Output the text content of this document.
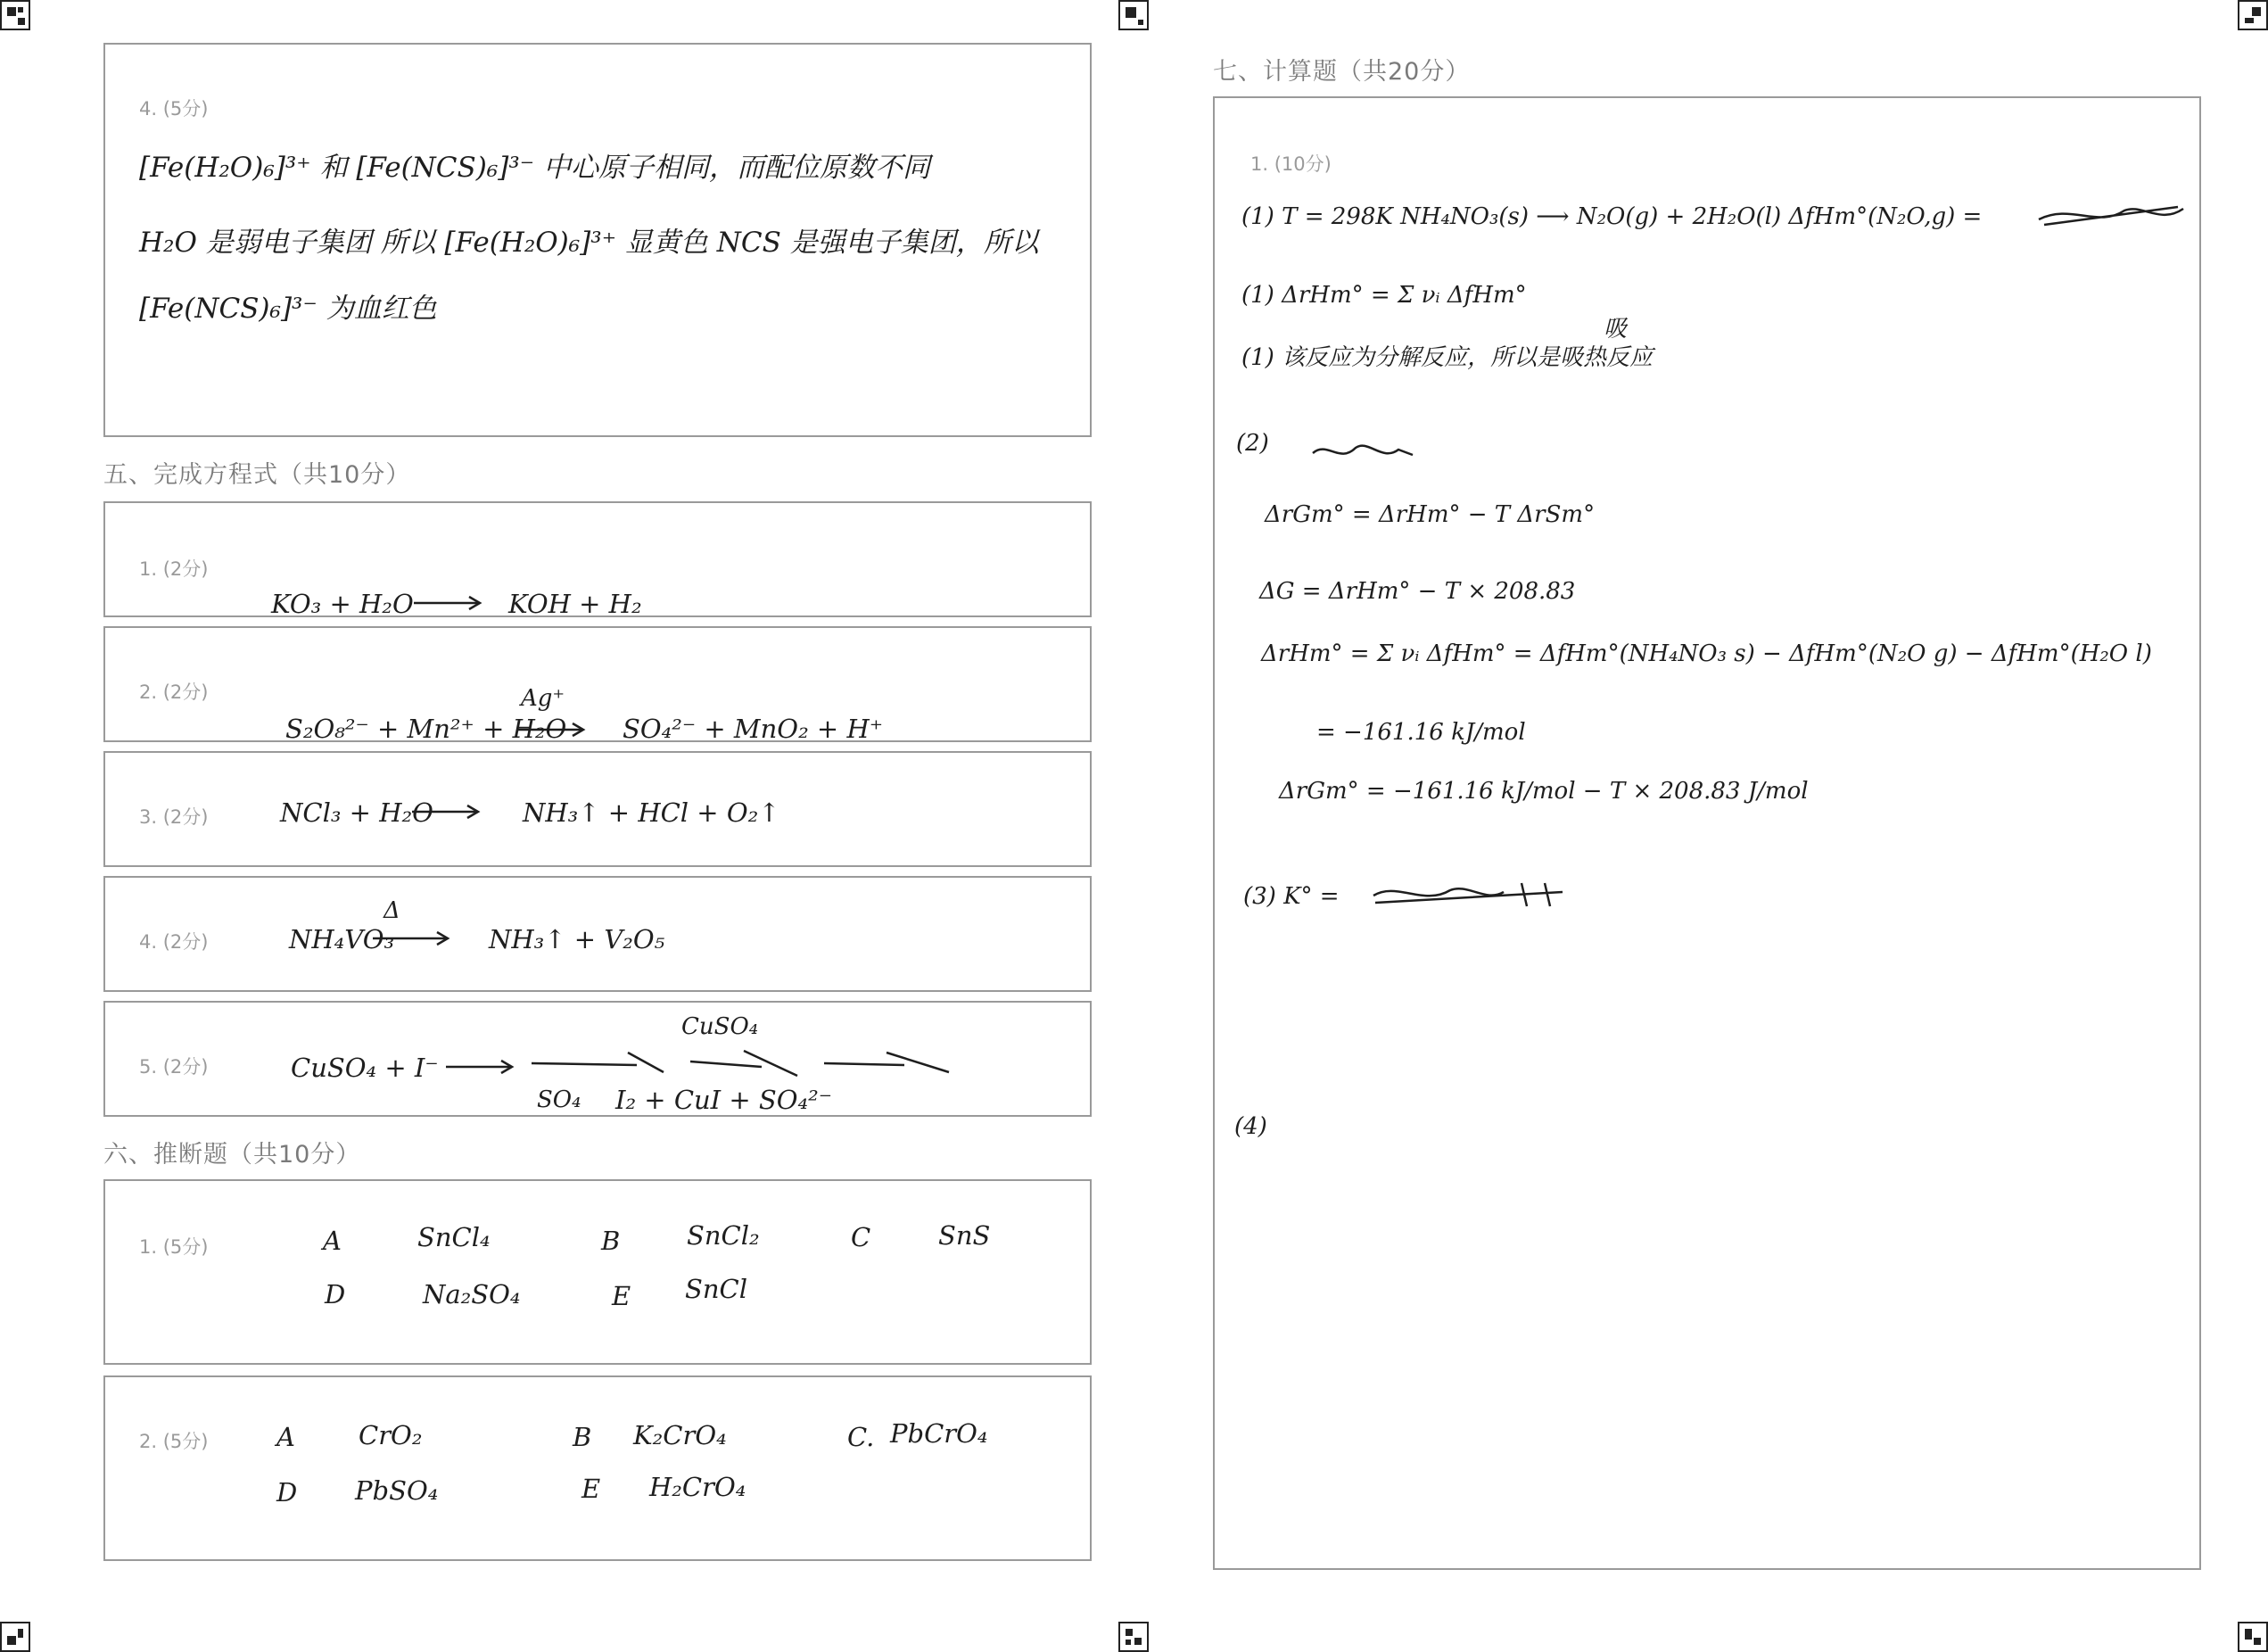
4. (5分)
[Fe(H₂O)₆]³⁺ 和 [Fe(NCS)₆]³⁻ 中心原子相同，而配位原数不同
H₂O 是弱电子集团 所以 [Fe(H₂O)₆]³⁺ 显黄色 NCS 是强电子集团，所以
[Fe(NCS)₆]³⁻ 为血红色
五、完成方程式（共10分）
1. (2分)
KO₃ + H₂O	KOH + H₂
2. (2分)
S₂O₈²⁻ + Mn²⁺ + H₂O
Ag⁺
SO₄²⁻ + MnO₂ + H⁺
3. (2分)	NCl₃ + H₂O	NH₃↑ + HCl + O₂↑
4. (2分)	NH₄VO₃
Δ
NH₃↑ + V₂O₅
5. (2分)	CuSO₄ + I⁻
CuSO₄
SO₄ I₂ + CuI + SO₄²⁻
六、推断题（共10分）
1. (5分)	A	SnCl₄	B	SnCl₂	C	SnS
D	Na₂SO₄	E SnCl
2. (5分)	A CrO₂	B K₂CrO₄	C. PbCrO₄
D PbSO₄	E H₂CrO₄
七、计算题（共20分）
1. (10分)
(1) T = 298K NH₄NO₃(s) ⟶ N₂O(g) + 2H₂O(l) ΔfHm°(N₂O,g) =
(1) ΔrHm° = Σ νᵢ ΔfHm°
吸
(1) 该反应为分解反应，所以是吸热反应
(2)
ΔrGm° = ΔrHm° − T ΔrSm°
ΔG = ΔrHm° − T × 208.83
ΔrHm° = Σ νᵢ ΔfHm° = ΔfHm°(NH₄NO₃ s) − ΔfHm°(N₂O g) − ΔfHm°(H₂O l)
= −161.16 kJ/mol
ΔrGm° = −161.16 kJ/mol − T × 208.83 J/mol
(3) K° =
(4)
